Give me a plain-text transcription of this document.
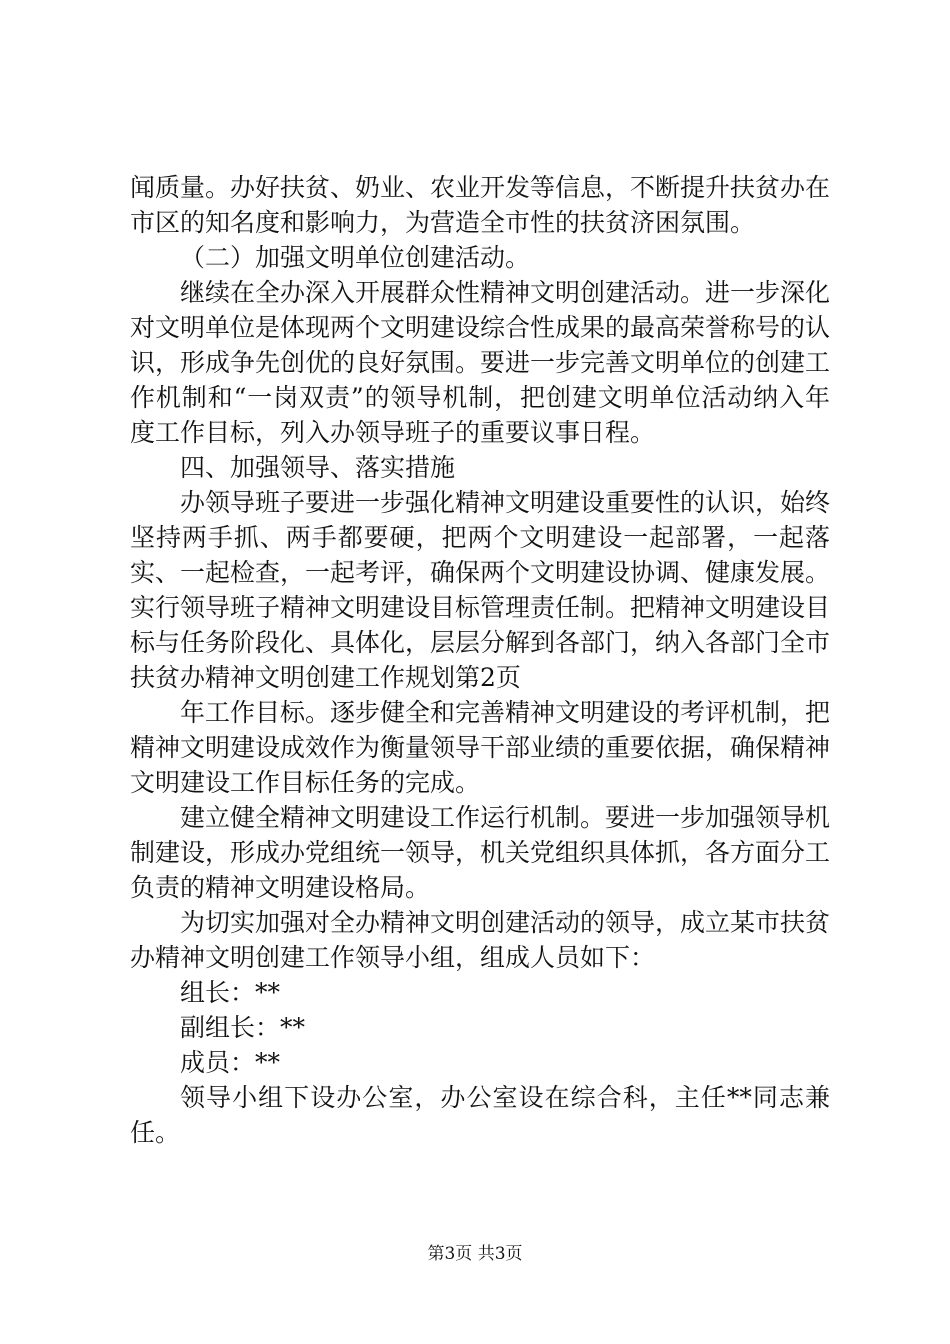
闻质量。办好扶贫、奶业、农业开发等信息，不断提升扶贫办在市区的知名度和影响力，为营造全市性的扶贫济困氛围。

（二）加强文明单位创建活动。

继续在全办深入开展群众性精神文明创建活动。进一步深化对文明单位是体现两个文明建设综合性成果的最高荣誉称号的认识，形成争先创优的良好氛围。要进一步完善文明单位的创建工作机制和“一岗双责”的领导机制，把创建文明单位活动纳入年度工作目标，列入办领导班子的重要议事日程。

四、加强领导、落实措施

办领导班子要进一步强化精神文明建设重要性的认识，始终坚持两手抓、两手都要硬，把两个文明建设一起部署，一起落实、一起检查，一起考评，确保两个文明建设协调、健康发展。实行领导班子精神文明建设目标管理责任制。把精神文明建设目标与任务阶段化、具体化，层层分解到各部门，纳入各部门全市扶贫办精神文明创建工作规划第2页

年工作目标。逐步健全和完善精神文明建设的考评机制，把精神文明建设成效作为衡量领导干部业绩的重要依据，确保精神文明建设工作目标任务的完成。

建立健全精神文明建设工作运行机制。要进一步加强领导机制建设，形成办党组统一领导，机关党组织具体抓，各方面分工负责的精神文明建设格局。

为切实加强对全办精神文明创建活动的领导，成立某市扶贫办精神文明创建工作领导小组，组成人员如下：

组长：**

副组长：**

成员：**

领导小组下设办公室，办公室设在综合科，主任**同志兼任。

第3页 共3页
